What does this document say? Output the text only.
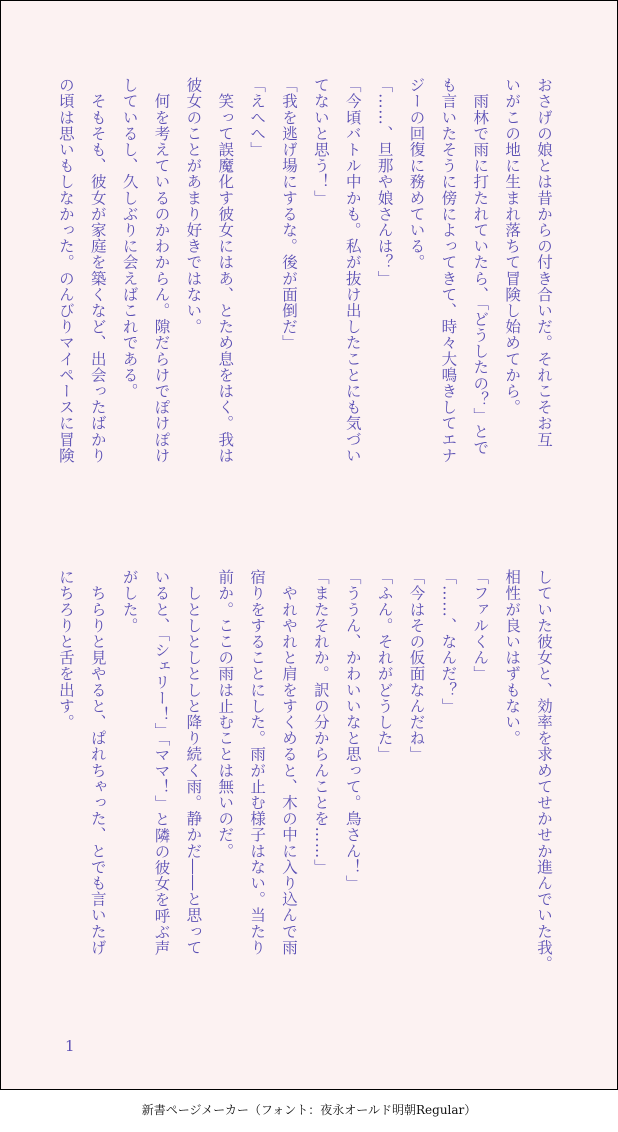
おさげの娘とは昔からの付き合いだ。それこそお互
いがこの地に生まれ落ちて冒険し始めてから。
　雨林で雨に打たれていたら、「どうしたの？」とで
も言いたそうに傍によってきて、時々大鳴きしてエナ
ジーの回復に務めている。
「……、旦那や娘さんは？」
「今頃バトル中かも。私が抜け出したことにも気づい
てないと思う！」
「我を逃げ場にするな。後が面倒だ」
「えへへ」
　笑って誤魔化す彼女にはあ、とため息をはく。我は
彼女のことがあまり好きではない。
　何を考えているのかわからん。隙だらけでぽけぽけ
しているし、久しぶりに会えばこれである。
　そもそも、彼女が家庭を築くなど、出会ったばかり
の頃は思いもしなかった。のんびりマイペースに冒険
していた彼女と、効率を求めてせかせか進んでいた我。
相性が良いはずもない。
「ファルくん」
「……、なんだ？」
「今はその仮面なんだね」
「ふん。それがどうした」
「ううん、かわいいなと思って。鳥さん！」
「またそれか。訳の分からんことを……」
　やれやれと肩をすくめると、木の中に入り込んで雨
宿りをすることにした。雨が止む様子はない。当たり
前か。ここの雨は止むことは無いのだ。
　しとしとしとしと降り続く雨。静かだ――と思って
いると、「シェリー！」「ママ！」と隣の彼女を呼ぶ声
がした。
　ちらりと見やると、ぱれちゃった、とでも言いたげ
にちろりと舌を出す。
1
新書ページメーカー（フォント：夜永オールド明朝Regular）
